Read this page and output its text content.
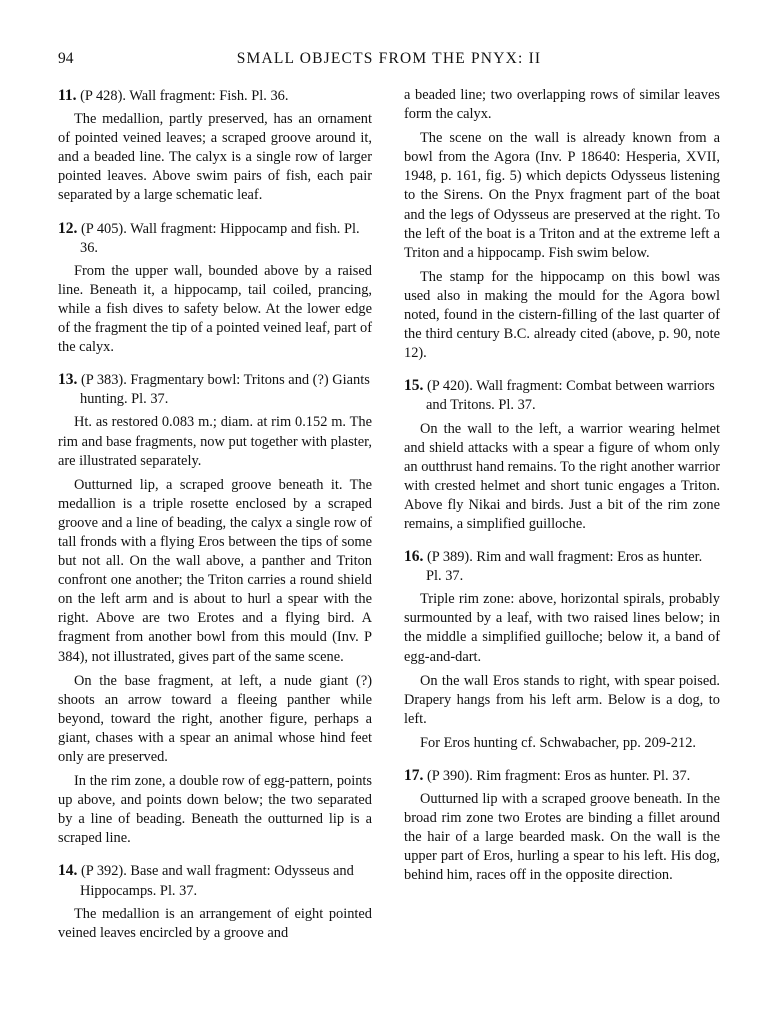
94	SMALL OBJECTS FROM THE PNYX: II

11. (P 428). Wall fragment: Fish. Pl. 36.

The medallion, partly preserved, has an ornament of pointed veined leaves; a scraped groove around it, and a beaded line. The calyx is a single row of larger pointed leaves. Above swim pairs of fish, each pair separated by a large schematic leaf.

12. (P 405). Wall fragment: Hippocamp and fish. Pl. 36.

From the upper wall, bounded above by a raised line. Beneath it, a hippocamp, tail coiled, prancing, while a fish dives to safety below. At the lower edge of the fragment the tip of a pointed veined leaf, part of the calyx.

13. (P 383). Fragmentary bowl: Tritons and (?) Giants hunting. Pl. 37.

Ht. as restored 0.083 m.; diam. at rim 0.152 m. The rim and base fragments, now put together with plaster, are illustrated separately.

Outturned lip, a scraped groove beneath it. The medallion is a triple rosette enclosed by a scraped groove and a line of beading, the calyx a single row of tall fronds with a flying Eros between the tips of some but not all. On the wall above, a panther and Triton confront one another; the Triton carries a round shield on the left arm and is about to hurl a spear with the right. Above are two Erotes and a flying bird. A fragment from another bowl from this mould (Inv. P 384), not illustrated, gives part of the same scene.

On the base fragment, at left, a nude giant (?) shoots an arrow toward a fleeing panther while beyond, toward the right, another figure, perhaps a giant, chases with a spear an animal whose hind feet only are preserved.

In the rim zone, a double row of egg-pattern, points up above, and points down below; the two separated by a line of beading. Beneath the outturned lip is a scraped line.

14. (P 392). Base and wall fragment: Odysseus and Hippocamps. Pl. 37.

The medallion is an arrangement of eight pointed veined leaves encircled by a groove and

a beaded line; two overlapping rows of similar leaves form the calyx.

The scene on the wall is already known from a bowl from the Agora (Inv. P 18640: Hesperia, XVII, 1948, p. 161, fig. 5) which depicts Odysseus listening to the Sirens. On the Pnyx fragment part of the boat and the legs of Odysseus are preserved at the right. To the left of the boat is a Triton and at the extreme left a Triton and a hippocamp. Fish swim below.

The stamp for the hippocamp on this bowl was used also in making the mould for the Agora bowl noted, found in the cistern-filling of the last quarter of the third century B.C. already cited (above, p. 90, note 12).

15. (P 420). Wall fragment: Combat between warriors and Tritons. Pl. 37.

On the wall to the left, a warrior wearing helmet and shield attacks with a spear a figure of whom only an outthrust hand remains. To the right another warrior with crested helmet and short tunic engages a Triton. Above fly Nikai and birds. Just a bit of the rim zone remains, a simplified guilloche.

16. (P 389). Rim and wall fragment: Eros as hunter. Pl. 37.

Triple rim zone: above, horizontal spirals, probably surmounted by a leaf, with two raised lines below; in the middle a simplified guilloche; below it, a band of egg-and-dart.

On the wall Eros stands to right, with spear poised. Drapery hangs from his left arm. Below is a dog, to left.

For Eros hunting cf. Schwabacher, pp. 209-212.

17. (P 390). Rim fragment: Eros as hunter. Pl. 37.

Outturned lip with a scraped groove beneath. In the broad rim zone two Erotes are binding a fillet around the hair of a large bearded mask. On the wall is the upper part of Eros, hurling a spear to his left. His dog, behind him, races off in the opposite direction.
